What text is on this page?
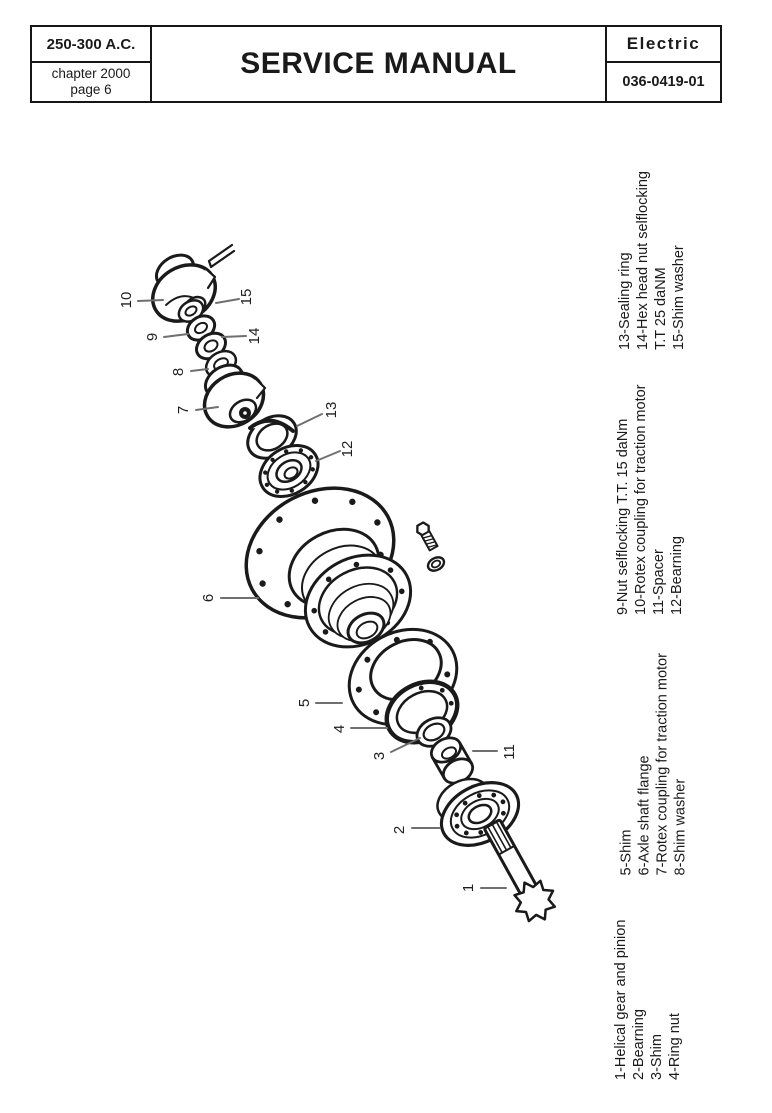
250-300 A.C.
chapter 2000
page 6
SERVICE MANUAL
Electric
036-0419-01
1
2
3
4
5
6
7
8
9
10
11
12
13
14
15	13-Sealing ring 14-Hex head nut selflocking T.T 25 daNM 15-Shim washer
9-Nut selflocking T.T. 15 daNm 10-Rotex coupling for traction motor 11-Spacer 12-Bearning
5-Shim 6-Axle shaft flange 7-Rotex coupling for traction motor 8-Shim washer
1-Helical gear and pinion 2-Bearning 3-Shim 4-Ring nut
